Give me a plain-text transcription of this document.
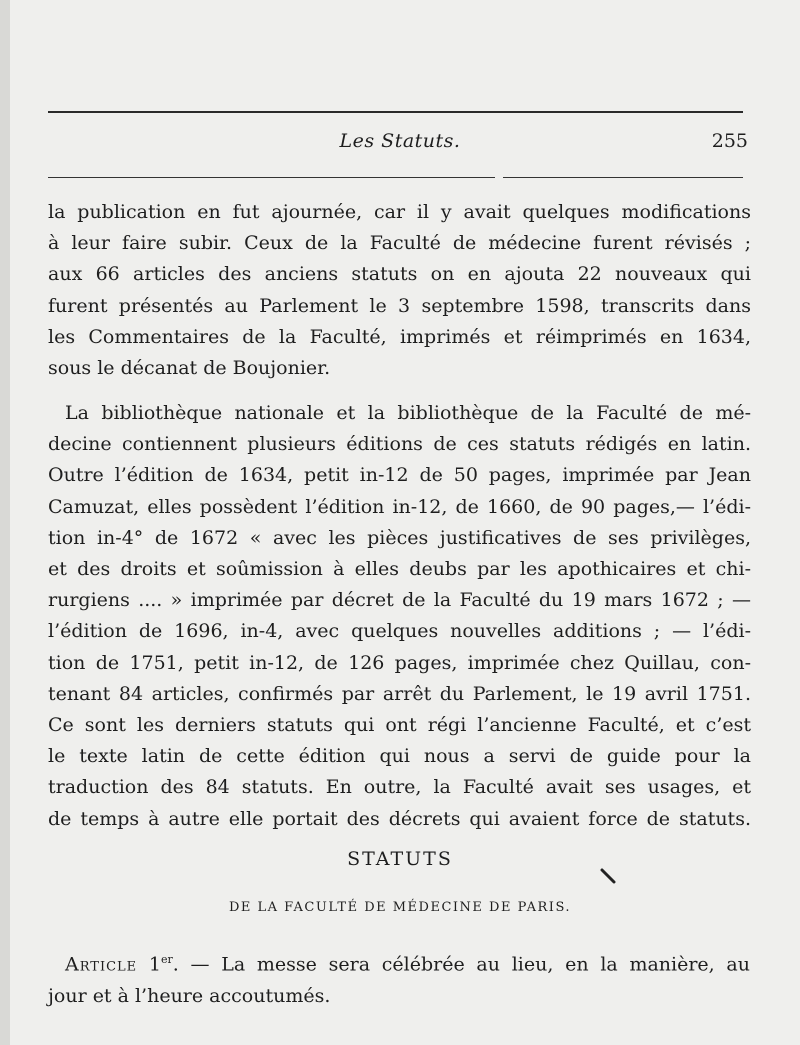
Les Statuts.	255
la publication en fut ajournée, car il y avait quelques modifications
à leur faire subir. Ceux de la Faculté de médecine furent révisés ;
aux 66 articles des anciens statuts on en ajouta 22 nouveaux qui
furent présentés au Parlement le 3 septembre 1598, transcrits dans
les Commentaires de la Faculté, imprimés et réimprimés en 1634,
sous le décanat de Boujonier.
La bibliothèque nationale et la bibliothèque de la Faculté de mé-
decine contiennent plusieurs éditions de ces statuts rédigés en latin.
Outre l’édition de 1634, petit in-12 de 50 pages, imprimée par Jean
Camuzat, elles possèdent l’édition in-12, de 1660, de 90 pages,— l’édi-
tion in-4° de 1672 « avec les pièces justificatives de ses privilèges,
et des droits et soûmission à elles deubs par les apothicaires et chi-
rurgiens .... » imprimée par décret de la Faculté du 19 mars 1672 ; —
l’édition de 1696, in-4, avec quelques nouvelles additions ; — l’édi-
tion de 1751, petit in-12, de 126 pages, imprimée chez Quillau, con-
tenant 84 articles, confirmés par arrêt du Parlement, le 19 avril 1751.
Ce sont les derniers statuts qui ont régi l’ancienne Faculté, et c’est
le texte latin de cette édition qui nous a servi de guide pour la
traduction des 84 statuts. En outre, la Faculté avait ses usages, et
de temps à autre elle portait des décrets qui avaient force de statuts.
STATUTS
DE LA FACULTÉ DE MÉDECINE DE PARIS.
Article 1er. — La messe sera célébrée au lieu, en la manière, au
jour et à l’heure accoutumés.
